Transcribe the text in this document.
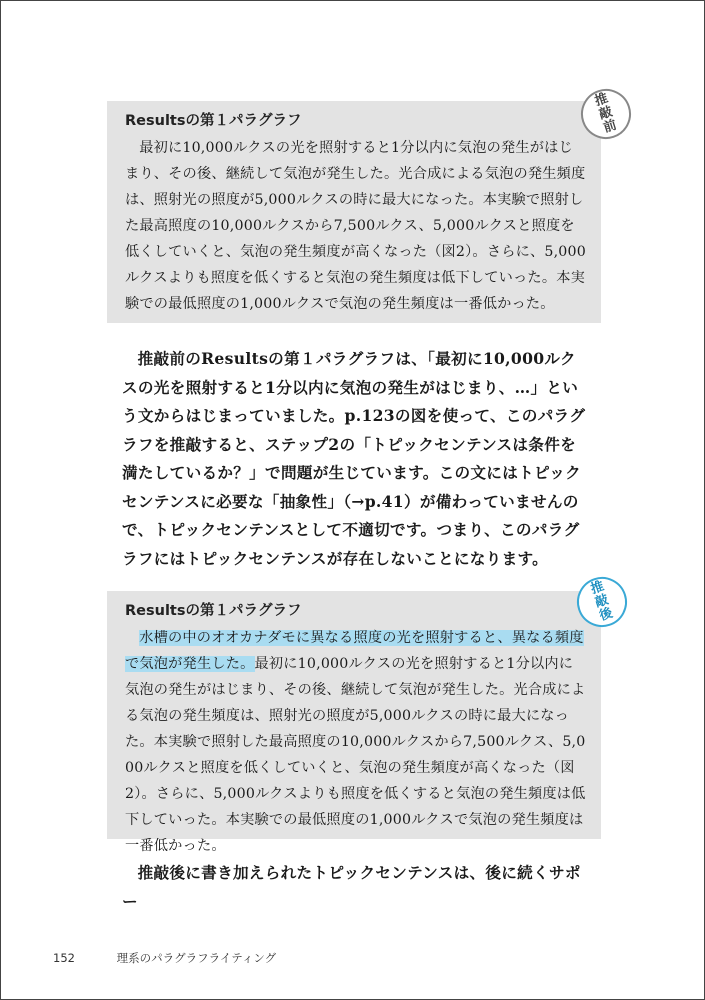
Resultsの第１パラグラフ

最初に10,000ルクスの光を照射すると1分以内に気泡の発生がはじまり、その後、継続して気泡が発生した。光合成による気泡の発生頻度は、照射光の照度が5,000ルクスの時に最大になった。本実験で照射した最高照度の10,000ルクスから7,500ルクス、5,000ルクスと照度を低くしていくと、気泡の発生頻度が高くなった（図2）。さらに、5,000ルクスよりも照度を低くすると気泡の発生頻度は低下していった。本実験での最低照度の1,000ルクスで気泡の発生頻度は一番低かった。

推
敲
前

推敲前のResultsの第１パラグラフは、「最初に10,000ルクスの光を照射すると1分以内に気泡の発生がはじまり、…」という文からはじまっていました。p.123の図を使って、このパラグラフを推敲すると、ステップ2の「トピックセンテンスは条件を満たしているか？」で問題が生じています。この文にはトピックセンテンスに必要な「抽象性」（→p.41）が備わっていませんので、トピックセンテンスとして不適切です。つまり、このパラグラフにはトピックセンテンスが存在しないことになります。

Resultsの第１パラグラフ

水槽の中のオオカナダモに異なる照度の光を照射すると、異なる頻度で気泡が発生した。最初に10,000ルクスの光を照射すると1分以内に気泡の発生がはじまり、その後、継続して気泡が発生した。光合成による気泡の発生頻度は、照射光の照度が5,000ルクスの時に最大になった。本実験で照射した最高照度の10,000ルクスから7,500ルクス、5,000ルクスと照度を低くしていくと、気泡の発生頻度が高くなった（図2）。さらに、5,000ルクスよりも照度を低くすると気泡の発生頻度は低下していった。本実験での最低照度の1,000ルクスで気泡の発生頻度は一番低かった。

推
敲
後

推敲後に書き加えられたトピックセンテンスは、後に続くサポー

152	理系のパラグラフライティング
